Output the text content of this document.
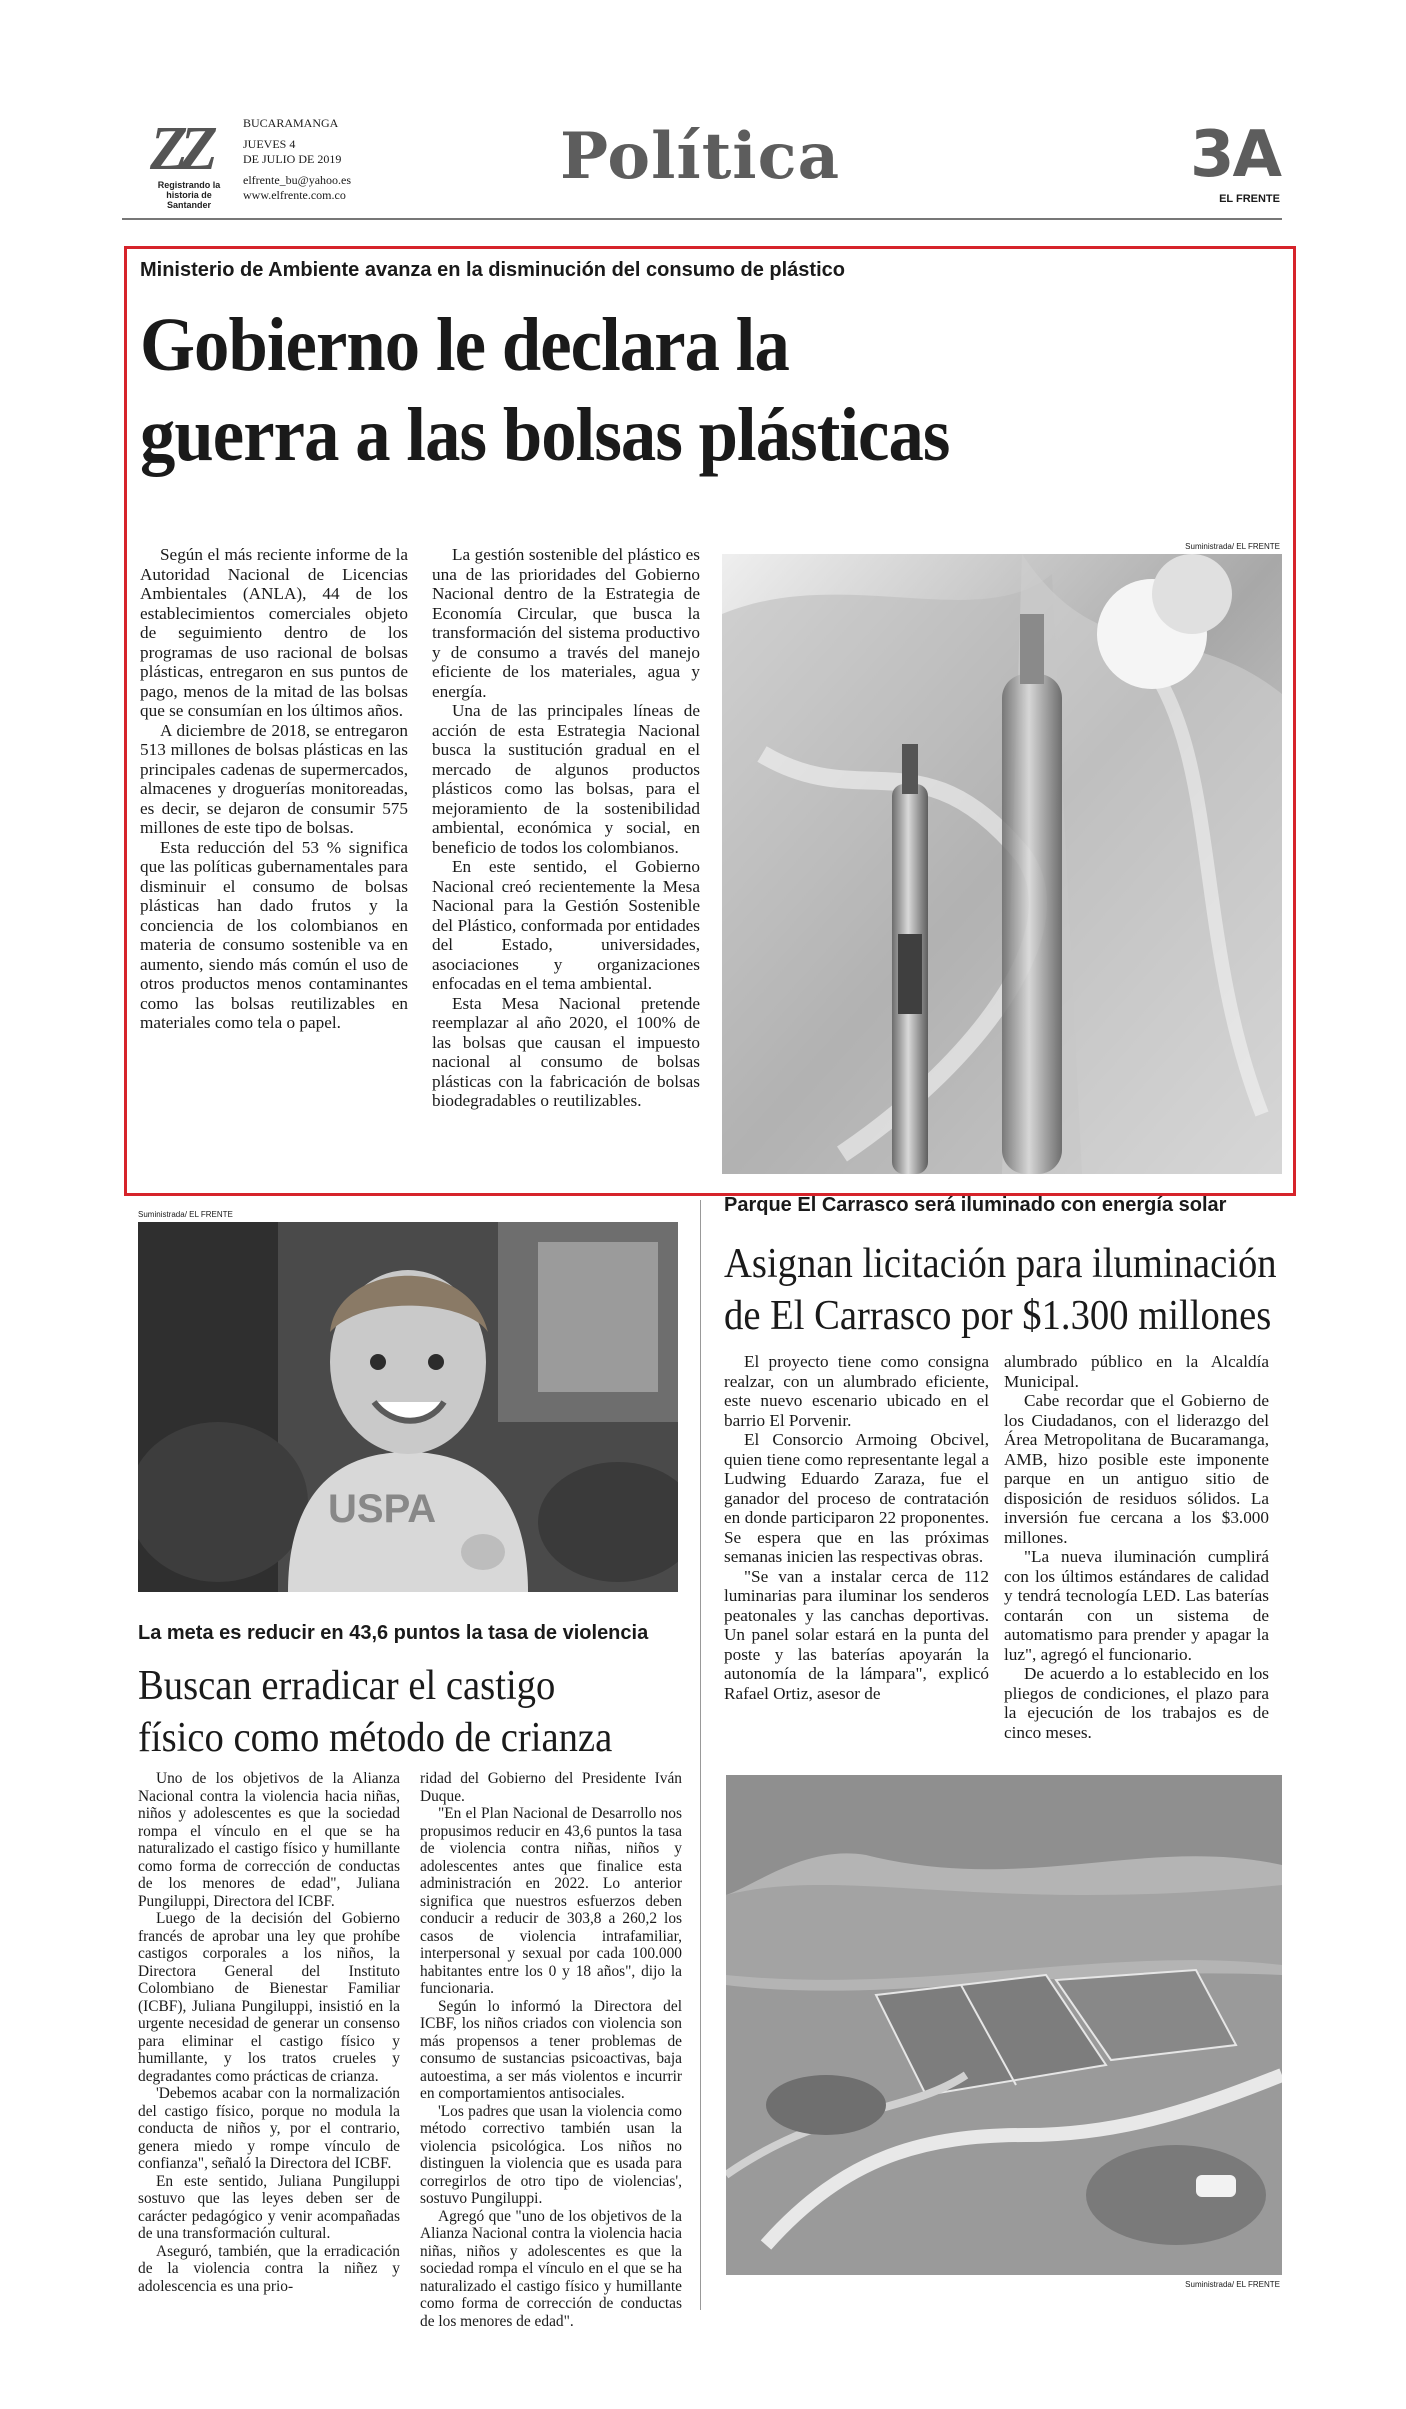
ZZ
Registrando la historia de Santander
BUCARAMANGA
JUEVES 4
DE JULIO DE 2019
elfrente_bu@yahoo.es
www.elfrente.com.co
Política	3A
EL FRENTE
Ministerio de Ambiente avanza en la disminución del consumo de plástico
Gobierno le declara la
guerra a las bolsas plásticas

Según el más reciente informe de la Autoridad Nacional de Licencias Ambientales (ANLA), 44 de los establecimientos comerciales objeto de seguimiento dentro de los programas de uso racional de bolsas plásticas, entregaron en sus puntos de pago, menos de la mitad de las bolsas que se consumían en los últimos años.

A diciembre de 2018, se entregaron 513 millones de bolsas plásticas en las principales cadenas de supermercados, almacenes y droguerías monitoreadas, es decir, se dejaron de consumir 575 millones de este tipo de bolsas.

Esta reducción del 53 % significa que las políticas gubernamentales para disminuir el consumo de bolsas plásticas han dado frutos y la conciencia de los colombianos en materia de consumo sostenible va en aumento, siendo más común el uso de otros productos menos contaminantes como las bolsas reutilizables en materiales como tela o papel.

La gestión sostenible del plástico es una de las prioridades del Gobierno Nacional dentro de la Estrategia de Economía Circular, que busca la transformación del sistema productivo y de consumo a través del manejo eficiente de los materiales, agua y energía.

Una de las principales líneas de acción de esta Estrategia Nacional busca la sustitución gradual en el mercado de algunos productos plásticos como las bolsas, para el mejoramiento de la sostenibilidad ambiental, económica y social, en beneficio de todos los colombianos.

En este sentido, el Gobierno Nacional creó recientemente la Mesa Nacional para la Gestión Sostenible del Plástico, conformada por entidades del Estado, universidades, asociaciones y organizaciones enfocadas en el tema ambiental.

Esta Mesa Nacional pretende reemplazar al año 2020, el 100% de las bolsas que causan el impuesto nacional al consumo de bolsas plásticas con la fabricación de bolsas biodegradables o reutilizables.

Suministrada/ EL FRENTE
Suministrada/ EL FRENTE
USPA
La meta es reducir en 43,6 puntos la tasa de violencia
Buscan erradicar el castigo
físico como método de crianza

Uno de los objetivos de la Alianza Nacional contra la violencia hacia niñas, niños y adolescentes es que la sociedad rompa el vínculo en el que se ha naturalizado el castigo físico y humillante como forma de corrección de conductas de los menores de edad", Juliana Pungiluppi, Directora del ICBF.

Luego de la decisión del Gobierno francés de aprobar una ley que prohíbe castigos corporales a los niños, la Directora General del Instituto Colombiano de Bienestar Familiar (ICBF), Juliana Pungiluppi, insistió en la urgente necesidad de generar un consenso para eliminar el castigo físico y humillante, y los tratos crueles y degradantes como prácticas de crianza.

'Debemos acabar con la normalización del castigo físico, porque no modula la conducta de niños y, por el contrario, genera miedo y rompe vínculo de confianza", señaló la Directora del ICBF.

En este sentido, Juliana Pungiluppi sostuvo que las leyes deben ser de carácter pedagógico y venir acompañadas de una transformación cultural.

Aseguró, también, que la erradicación de la violencia contra la niñez y adolescencia es una prio-

ridad del Gobierno del Presidente Iván Duque.

"En el Plan Nacional de Desarrollo nos propusimos reducir en 43,6 puntos la tasa de violencia contra niñas, niños y adolescentes antes que finalice esta administración en 2022. Lo anterior significa que nuestros esfuerzos deben conducir a reducir de 303,8 a 260,2 los casos de violencia intrafamiliar, interpersonal y sexual por cada 100.000 habitantes entre los 0 y 18 años", dijo la funcionaria.

Según lo informó la Directora del ICBF, los niños criados con violencia son más propensos a tener problemas de consumo de sustancias psicoactivas, baja autoestima, a ser más violentos e incurrir en comportamientos antisociales.

'Los padres que usan la violencia como método correctivo también usan la violencia psicológica. Los niños no distinguen la violencia que es usada para corregirlos de otro tipo de violencias', sostuvo Pungiluppi.

Agregó que "uno de los objetivos de la Alianza Nacional contra la violencia hacia niñas, niños y adolescentes es que la sociedad rompa el vínculo en el que se ha naturalizado el castigo físico y humillante como forma de corrección de conductas de los menores de edad".

Parque El Carrasco será iluminado con energía solar
Asignan licitación para iluminación
de El Carrasco por $1.300 millones

El proyecto tiene como consigna realzar, con un alumbrado eficiente, este nuevo escenario ubicado en el barrio El Porvenir.

El Consorcio Armoing Obcivel, quien tiene como representante legal a Ludwing Eduardo Zaraza, fue el ganador del proceso de contratación en donde participaron 22 proponentes. Se espera que en las próximas semanas inicien las respectivas obras.

"Se van a instalar cerca de 112 luminarias para iluminar los senderos peatonales y las canchas deportivas. Un panel solar estará en la punta del poste y las baterías apoyarán la autonomía de la lámpara", explicó Rafael Ortiz, asesor de

alumbrado público en la Alcaldía Municipal.

Cabe recordar que el Gobierno de los Ciudadanos, con el liderazgo del Área Metropolitana de Bucaramanga, AMB, hizo posible este imponente parque en un antiguo sitio de disposición de residuos sólidos. La inversión fue cercana a los $3.000 millones.

"La nueva iluminación cumplirá con los últimos estándares de calidad y tendrá tecnología LED. Las baterías contarán con un sistema de automatismo para prender y apagar la luz", agregó el funcionario.

De acuerdo a lo establecido en los pliegos de condiciones, el plazo para la ejecución de los trabajos es de cinco meses.

Suministrada/ EL FRENTE
